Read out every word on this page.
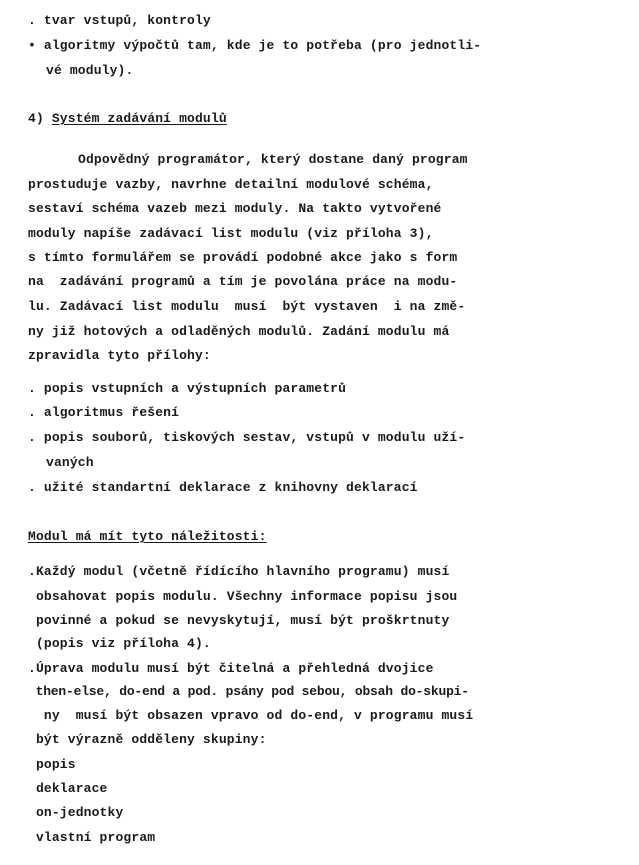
. tvar vstupů, kontroly
• algoritmy výpočtů tam, kde je to potřeba (pro jednotli-
vé moduly).
4) Systém zadávání modulů
Odpovědný programátor, který dostane daný program
prostuduje vazby, navrhne detailní modulové schéma,
sestaví schéma vazeb mezi moduly. Na takto vytvořené
moduly napíše zadávací list modulu (viz příloha 3),
s tímto formulářem se provádí podobné akce jako s form
na  zadávání programů a tím je povolána práce na modu-
lu. Zadávací list modulu  musí  být vystaven  i na změ-
ny již hotových a odladěných modulů. Zadání modulu má
zpravidla tyto přílohy:
. popis vstupních a výstupních parametrů
. algoritmus řešení
. popis souborů, tiskových sestav, vstupů v modulu uží-
vaných
. užité standartní deklarace z knihovny deklarací
Modul má mít tyto náležitosti:
.Každý modul (včetně řídícího hlavního programu) musí
obsahovat popis modulu. Všechny informace popisu jsou
povinné a pokud se nevyskytují, musí být proškrtnuty
(popis viz příloha 4).
.Úprava modulu musí být čitelná a přehledná dvojice
then-else, do-end a pod. psány pod sebou, obsah do-skupi-
ny  musí být obsazen vpravo od do-end, v programu musí
být výrazně odděleny skupiny:
popis
deklarace
on-jednotky
vlastní program
